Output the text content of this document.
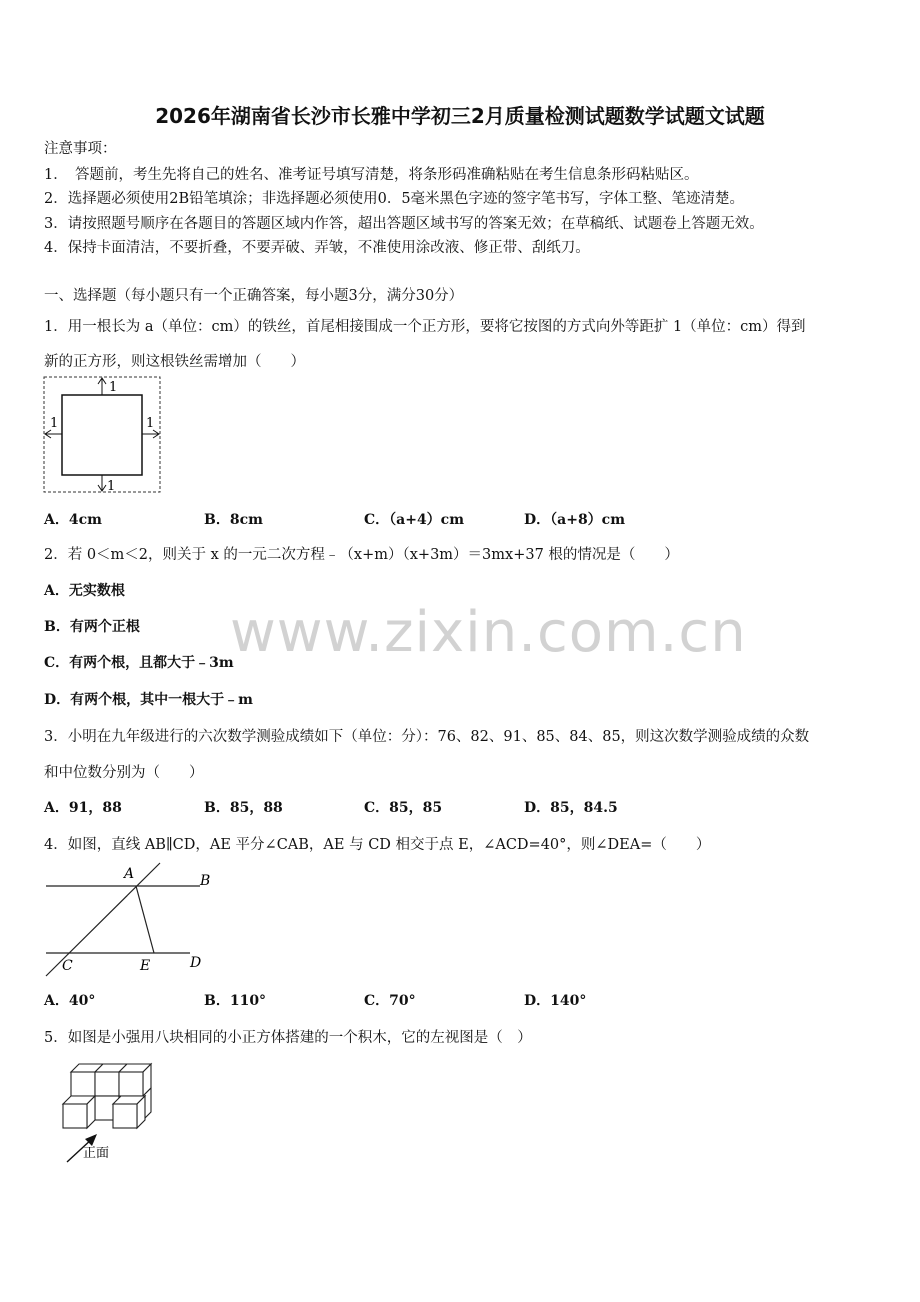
2026年湖南省长沙市长雅中学初三2月质量检测试题数学试题文试题
注意事项：
1．　答题前，考生先将自己的姓名、准考证号填写清楚，将条形码准确粘贴在考生信息条形码粘贴区。
2．选择题必须使用2B铅笔填涂；非选择题必须使用0．5毫米黑色字迹的签字笔书写，字体工整、笔迹清楚。
3．请按照题号顺序在各题目的答题区域内作答，超出答题区域书写的答案无效；在草稿纸、试题卷上答题无效。
4．保持卡面清洁，不要折叠，不要弄破、弄皱，不准使用涂改液、修正带、刮纸刀。
一、选择题（每小题只有一个正确答案，每小题3分，满分30分）
1．用一根长为 a（单位：cm）的铁丝，首尾相接围成一个正方形，要将它按图的方式向外等距扩 1（单位：cm）得到
新的正方形，则这根铁丝需增加（　　）
1
1
1	1
A．4cm	B．8cm	C．（a+4）cm	D．（a+8）cm
2．若 0＜m＜2，则关于 x 的一元二次方程﹣（x+m）（x+3m）＝3mx+37 根的情况是（　　）
A．无实数根
B．有两个正根
C．有两个根，且都大于﹣3m
D．有两个根，其中一根大于﹣m
www.zixin.com.cn
3．小明在九年级进行的六次数学测验成绩如下（单位：分）：76、82、91、85、84、85，则这次数学测验成绩的众数
和中位数分别为（　　）
A．91，88	B．85，88	C．85，85	D．85，84.5
4．如图，直线 AB∥CD，AE 平分∠CAB，AE 与 CD 相交于点 E，∠ACD=40°，则∠DEA=（　　）
A	B
C	D
E
A．40°	B．110°	C．70°	D．140°
5．如图是小强用八块相同的小正方体搭建的一个积木，它的左视图是（　）
正面
